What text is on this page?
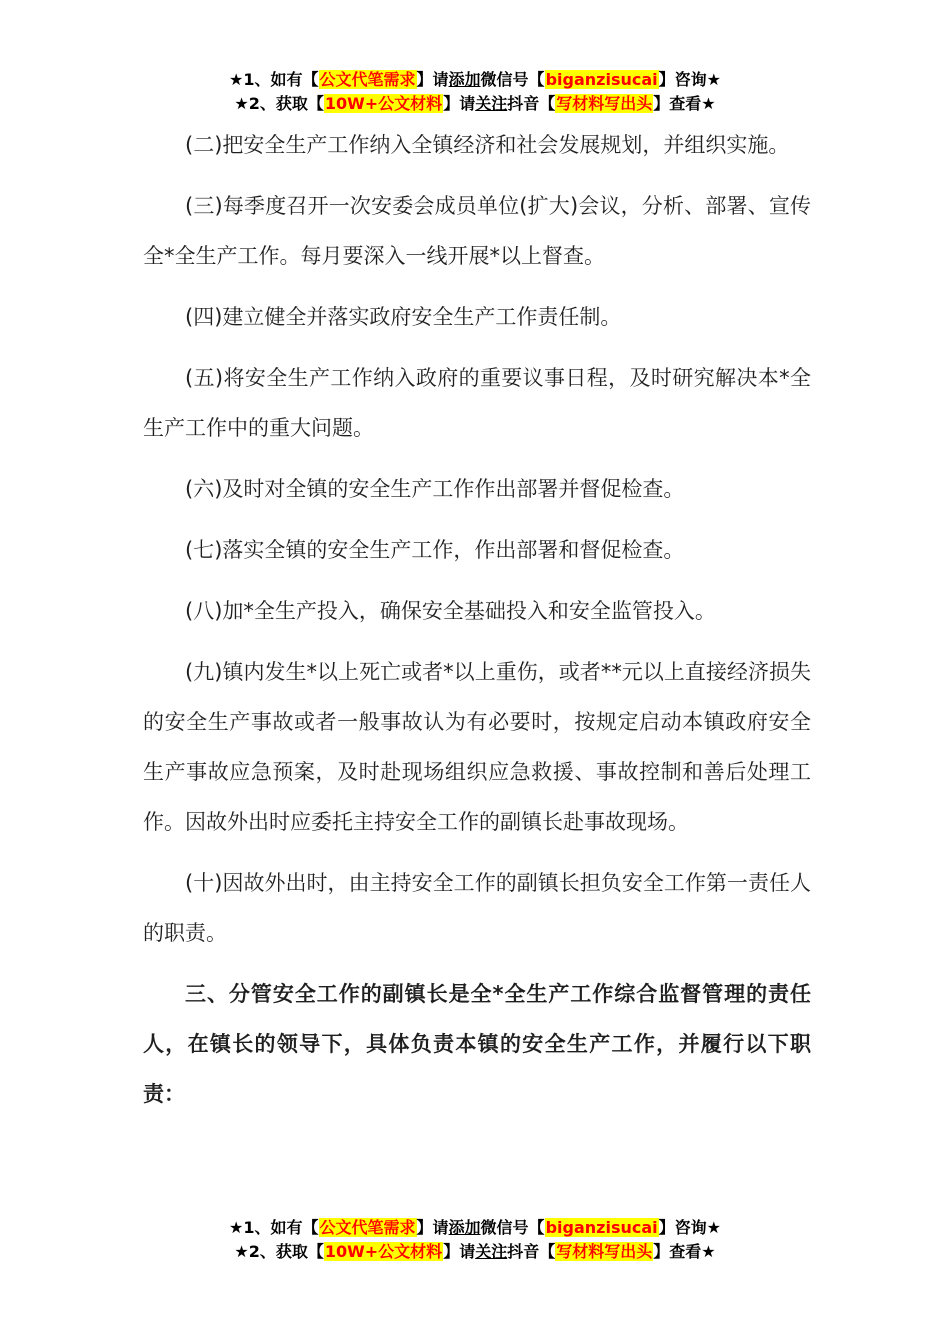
★1、如有【公文代笔需求】请添加微信号【biganzisucai】咨询★
★2、获取【10W+公文材料】请关注抖音【写材料写出头】查看★

(二)把安全生产工作纳入全镇经济和社会发展规划，并组织实施。

(三)每季度召开一次安委会成员单位(扩大)会议，分析、部署、宣传全*全生产工作。每月要深入一线开展*以上督查。

(四)建立健全并落实政府安全生产工作责任制。

(五)将安全生产工作纳入政府的重要议事日程，及时研究解决本*全生产工作中的重大问题。

(六)及时对全镇的安全生产工作作出部署并督促检查。

(七)落实全镇的安全生产工作，作出部署和督促检查。

(八)加*全生产投入，确保安全基础投入和安全监管投入。

(九)镇内发生*以上死亡或者*以上重伤，或者**元以上直接经济损失的安全生产事故或者一般事故认为有必要时，按规定启动本镇政府安全生产事故应急预案，及时赴现场组织应急救援、事故控制和善后处理工作。因故外出时应委托主持安全工作的副镇长赴事故现场。

(十)因故外出时，由主持安全工作的副镇长担负安全工作第一责任人的职责。

三、分管安全工作的副镇长是全*全生产工作综合监督管理的责任人，在镇长的领导下，具体负责本镇的安全生产工作，并履行以下职责：

★1、如有【公文代笔需求】请添加微信号【biganzisucai】咨询★
★2、获取【10W+公文材料】请关注抖音【写材料写出头】查看★
